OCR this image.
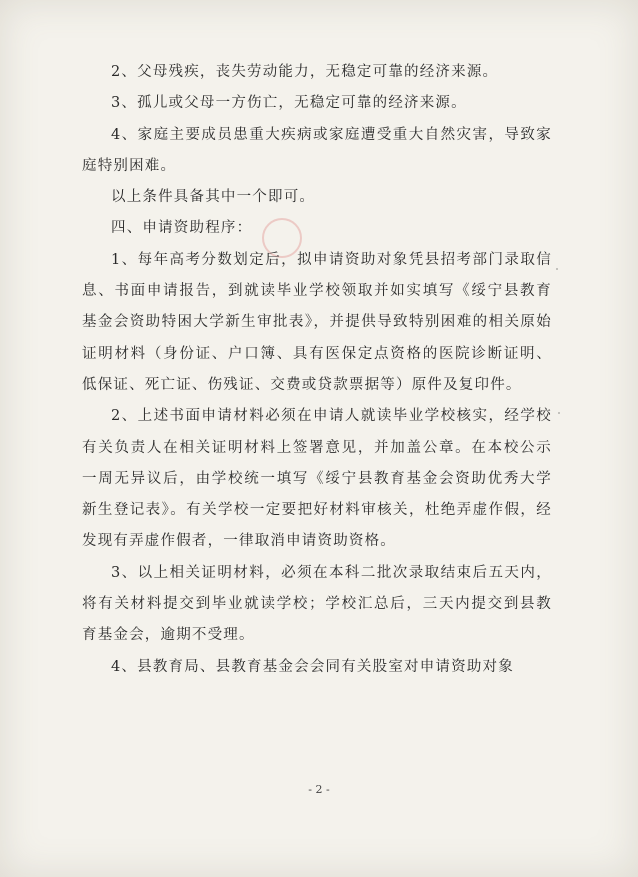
2、父母残疾，丧失劳动能力，无稳定可靠的经济来源。

3、孤儿或父母一方伤亡，无稳定可靠的经济来源。

4、家庭主要成员患重大疾病或家庭遭受重大自然灾害，导致家庭特别困难。

以上条件具备其中一个即可。

四、申请资助程序：

1、每年高考分数划定后，拟申请资助对象凭县招考部门录取信息、书面申请报告，到就读毕业学校领取并如实填写《绥宁县教育基金会资助特困大学新生审批表》，并提供导致特别困难的相关原始证明材料（身份证、户口簿、具有医保定点资格的医院诊断证明、低保证、死亡证、伤残证、交费或贷款票据等）原件及复印件。

2、上述书面申请材料必须在申请人就读毕业学校核实，经学校有关负责人在相关证明材料上签署意见，并加盖公章。在本校公示一周无异议后，由学校统一填写《绥宁县教育基金会资助优秀大学新生登记表》。有关学校一定要把好材料审核关，杜绝弄虚作假，经发现有弄虚作假者，一律取消申请资助资格。

3、以上相关证明材料，必须在本科二批次录取结束后五天内，将有关材料提交到毕业就读学校；学校汇总后，三天内提交到县教育基金会，逾期不受理。

4、县教育局、县教育基金会会同有关股室对申请资助对象

- 2 -
